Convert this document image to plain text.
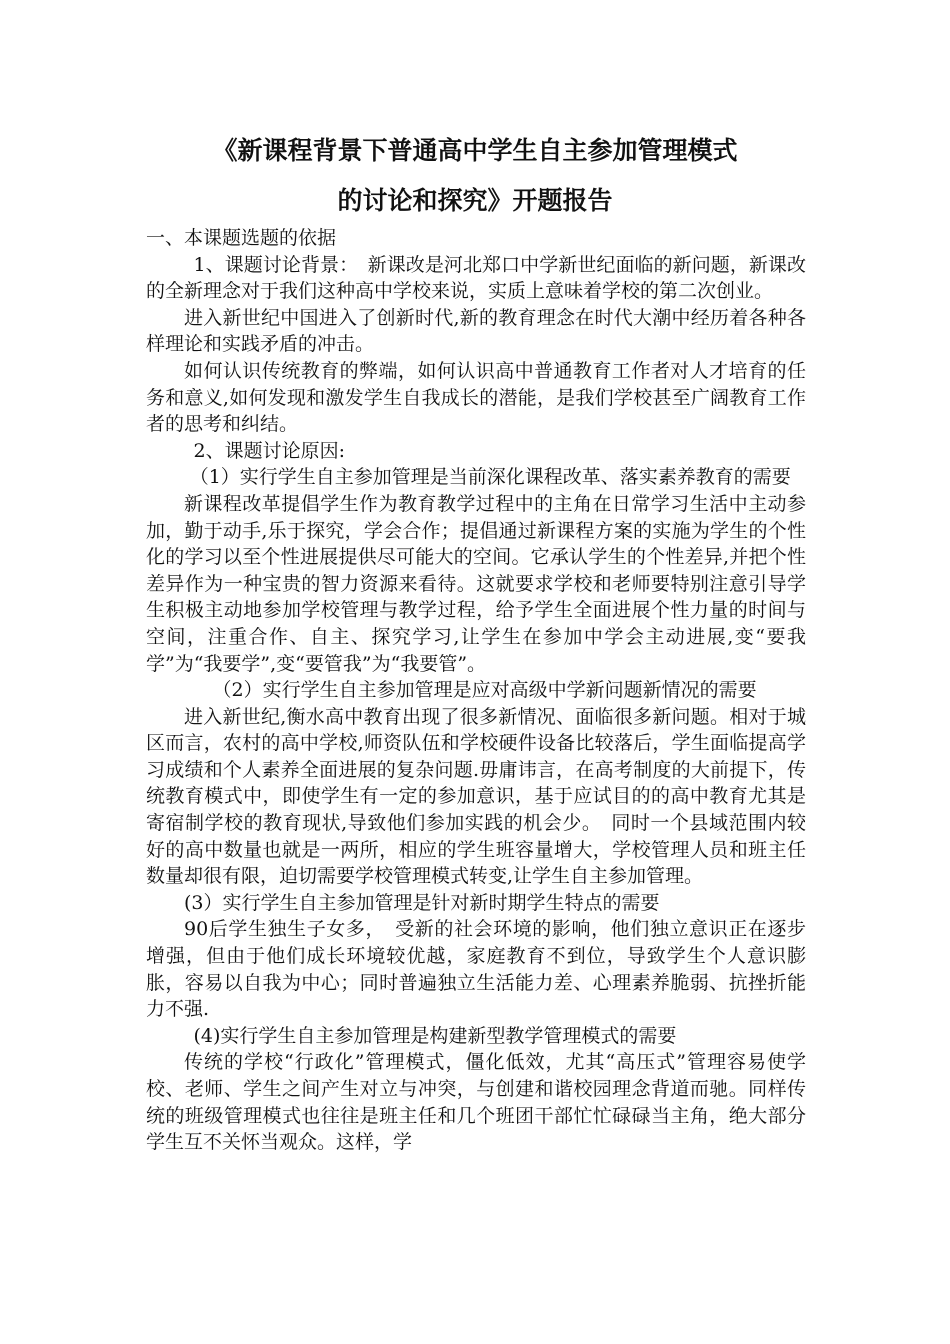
《新课程背景下普通高中学生自主参加管理模式
的讨论和探究》开题报告

一、本课题选题的依据

1、课题讨论背景：　新课改是河北郑口中学新世纪面临的新问题，新课改的全新理念对于我们这种高中学校来说，实质上意味着学校的第二次创业。

进入新世纪中国进入了创新时代,新的教育理念在时代大潮中经历着各种各样理论和实践矛盾的冲击。

如何认识传统教育的弊端，如何认识高中普通教育工作者对人才培育的任务和意义,如何发现和激发学生自我成长的潜能，是我们学校甚至广阔教育工作者的思考和纠结。

2、课题讨论原因:

（1）实行学生自主参加管理是当前深化课程改革、落实素养教育的需要

新课程改革提倡学生作为教育教学过程中的主角在日常学习生活中主动参加，勤于动手,乐于探究，学会合作；提倡通过新课程方案的实施为学生的个性化的学习以至个性进展提供尽可能大的空间。它承认学生的个性差异,并把个性差异作为一种宝贵的智力资源来看待。这就要求学校和老师要特别注意引导学生积极主动地参加学校管理与教学过程，给予学生全面进展个性力量的时间与空间，注重合作、自主、探究学习,让学生在参加中学会主动进展,变“要我学”为“我要学”,变“要管我”为“我要管”。

（2）实行学生自主参加管理是应对高级中学新问题新情况的需要

进入新世纪,衡水高中教育出现了很多新情况、面临很多新问题。相对于城区而言，农村的高中学校,师资队伍和学校硬件设备比较落后，学生面临提高学习成绩和个人素养全面进展的复杂问题.毋庸讳言，在高考制度的大前提下，传统教育模式中，即使学生有一定的参加意识，基于应试目的的高中教育尤其是寄宿制学校的教育现状,导致他们参加实践的机会少。　同时一个县域范围内较好的高中数量也就是一两所，相应的学生班容量增大，学校管理人员和班主任数量却很有限，迫切需要学校管理模式转变,让学生自主参加管理。

(3）实行学生自主参加管理是针对新时期学生特点的需要

90后学生独生子女多，　受新的社会环境的影响，他们独立意识正在逐步增强，但由于他们成长环境较优越，家庭教育不到位，导致学生个人意识膨胀，容易以自我为中心；同时普遍独立生活能力差、心理素养脆弱、抗挫折能力不强.

(4)实行学生自主参加管理是构建新型教学管理模式的需要

传统的学校“行政化”管理模式，僵化低效，尤其“高压式”管理容易使学校、老师、学生之间产生对立与冲突，与创建和谐校园理念背道而驰。同样传统的班级管理模式也往往是班主任和几个班团干部忙忙碌碌当主角，绝大部分学生互不关怀当观众。这样，学
